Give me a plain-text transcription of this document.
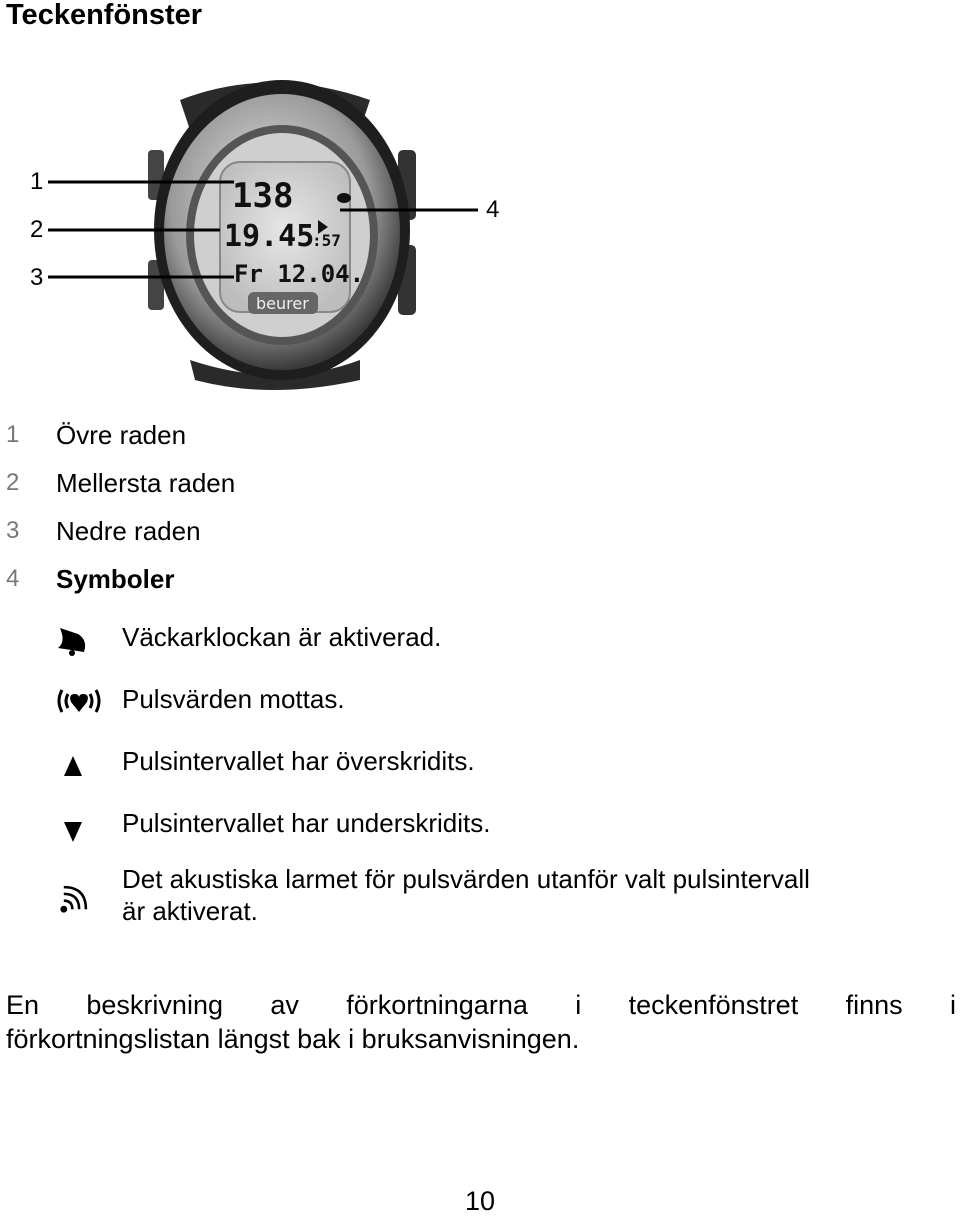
Teckenfönster
138
19.45
:57
Fr 12.04.
beurer
1
2
3
4
1 Övre raden
2 Mellersta raden
3 Nedre raden
4 Symboler
Väckarklockan är aktiverad.
Pulsvärden mottas.
Pulsintervallet har överskridits.
Pulsintervallet har underskridits.
Det akustiska larmet för pulsvärden utanför valt pulsintervall
är aktiverat.
En beskrivning av förkortningarna i teckenfönstret finns i
förkortningslistan längst bak i bruksanvisningen.
10
